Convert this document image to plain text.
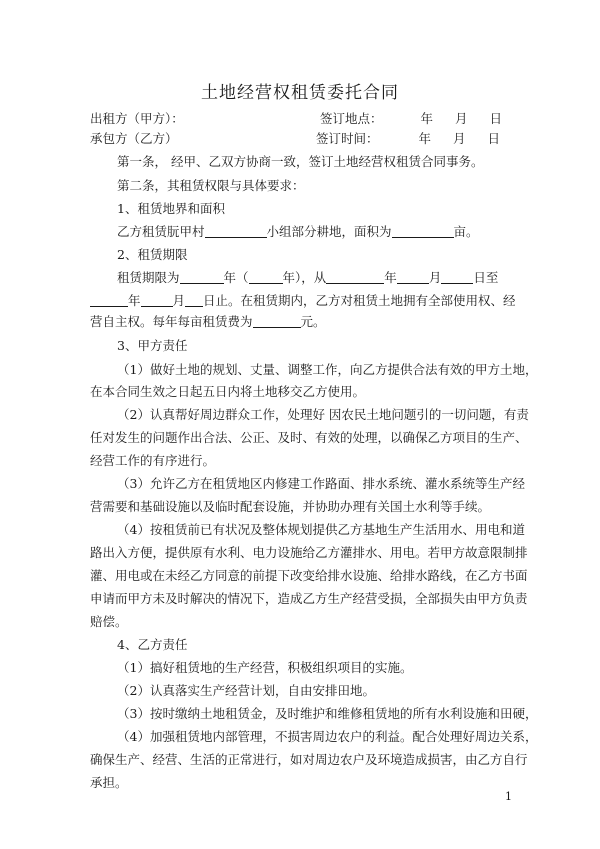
土地经营权租赁委托合同
出租方（甲方）：	签订地点：	年 月 日
承包方（乙方）	签订时间：	年 月 日
第一条， 经甲、乙双方协商一致，签订土地经营权租赁合同事务。
第二条，其租赁权限与具体要求：
1、租赁地界和面积
乙方租赁朊甲村	小组部分耕地，面积为	亩。
2、租赁期限
租赁期限为	年（	年），从	年	月	日至
年	月 日止。在租赁期内，乙方对租赁土地拥有全部使用权、经
营自主权。每年每亩租赁费为	元。
3、甲方责任
（1）做好土地的规划、丈量、调整工作，向乙方提供合法有效的甲方土地，
在本合同生效之日起五日内将土地移交乙方使用。
（2）认真帮好周边群众工作，处理好 因农民土地问题引的一切问题，有责
任对发生的问题作出合法、公正、及时、有效的处理，以确保乙方项目的生产、
经营工作的有序进行。
（3）允许乙方在租赁地区内修建工作路面、排水系统、灌水系统等生产经
营需要和基础设施以及临时配套设施，并协助办理有关国土水利等手续。
（4）按租赁前已有状况及整体规划提供乙方基地生产生活用水、用电和道
路出入方便，提供原有水利、电力设施给乙方灌排水、用电。若甲方故意限制排
灌、用电或在未经乙方同意的前提下改变给排水设施、给排水路线，在乙方书面
申请而甲方未及时解决的情况下，造成乙方生产经营受损，全部损失由甲方负责
赔偿。
4、乙方责任
（1）搞好租赁地的生产经营，积极组织项目的实施。
（2）认真落实生产经营计划，自由安排田地。
（3）按时缴纳土地租赁金，及时维护和维修租赁地的所有水利设施和田硬，
（4）加强租赁地内部管理，不损害周边农户的利益。配合处理好周边关系，
确保生产、经营、生活的正常进行，如对周边农户及环境造成损害，由乙方自行
承担。
1
